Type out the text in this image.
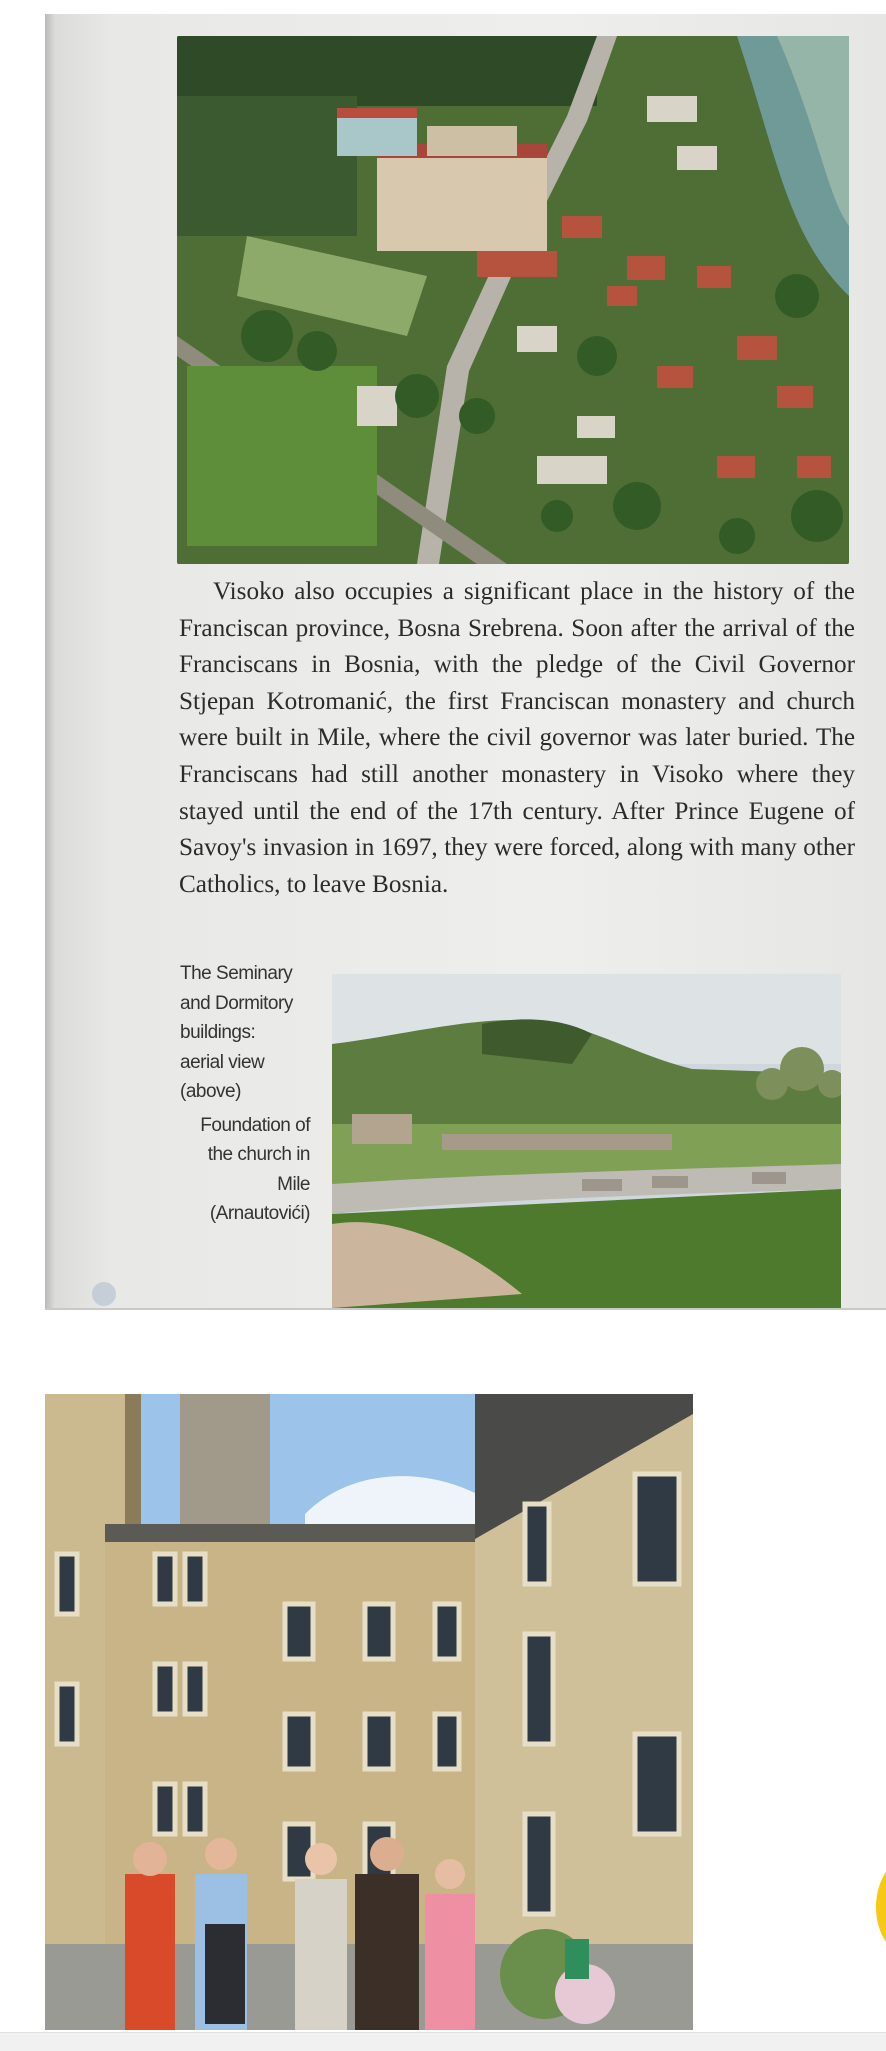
Visoko also occupies a significant place in the history of the Franciscan province, Bosna Srebrena. Soon after the arrival of the Franciscans in Bosnia, with the pledge of the Civil Governor Stjepan Kotromanić, the first Franciscan monastery and church were built in Mile, where the civil governor was later buried. The Franciscans had still another monastery in Visoko where they stayed until the end of the 17th century. After Prince Eugene of Savoy's invasion in 1697, they were forced, along with many other Catholics, to leave Bosnia.

The Seminary and Dormitory buildings: aerial view (above)

Foundation of the church in Mile (Arnautovići)
